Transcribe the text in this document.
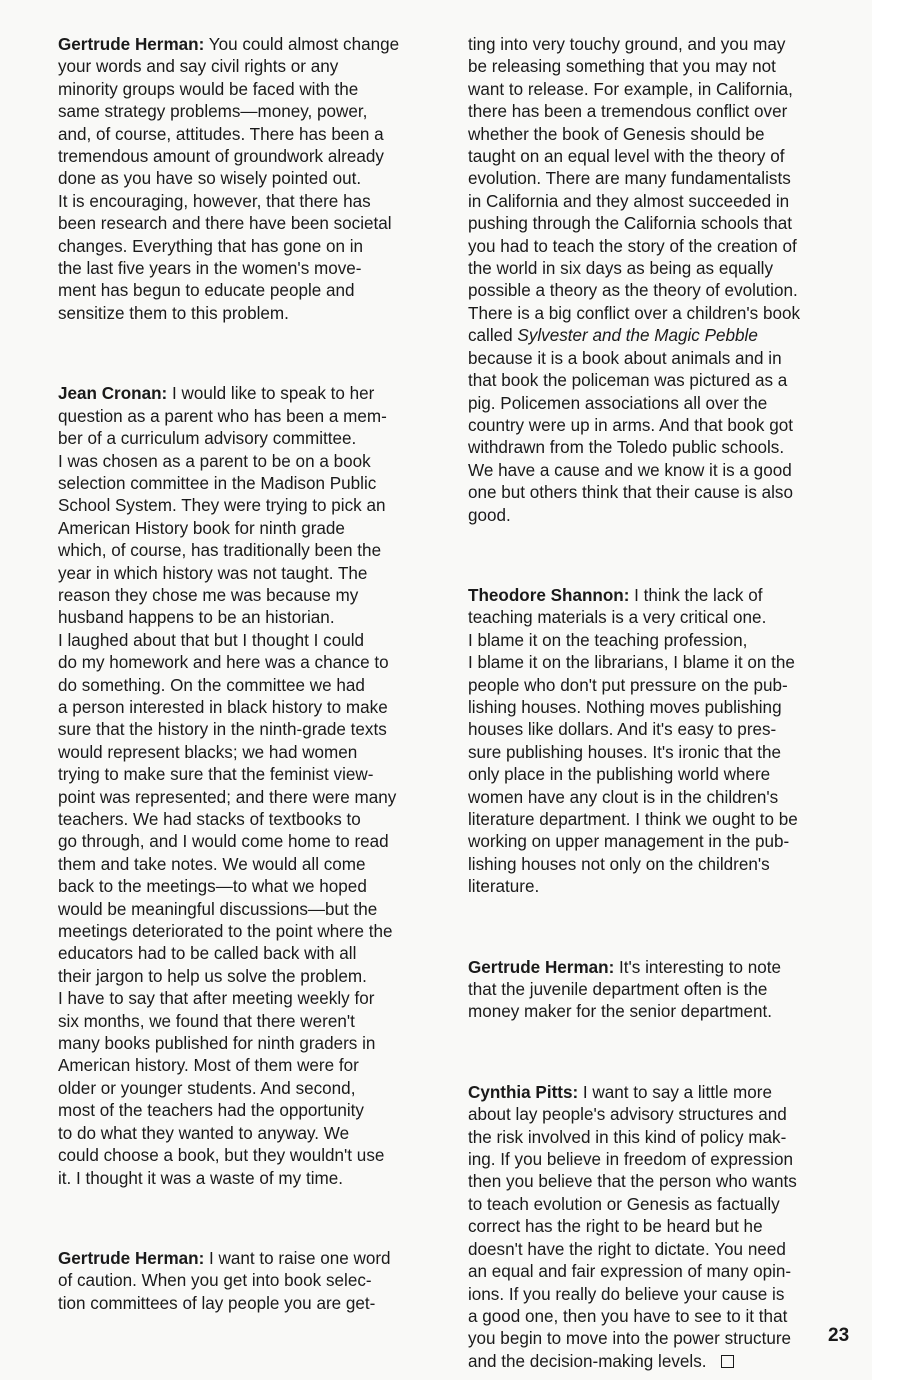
Gertrude Herman: You could almost change
your words and say civil rights or any
minority groups would be faced with the
same strategy problems—money, power,
and, of course, attitudes. There has been a
tremendous amount of groundwork already
done as you have so wisely pointed out.
It is encouraging, however, that there has
been research and there have been societal
changes. Everything that has gone on in
the last five years in the women's move-
ment has begun to educate people and
sensitize them to this problem.
Jean Cronan: I would like to speak to her
question as a parent who has been a mem-
ber of a curriculum advisory committee.
I was chosen as a parent to be on a book
selection committee in the Madison Public
School System. They were trying to pick an
American History book for ninth grade
which, of course, has traditionally been the
year in which history was not taught. The
reason they chose me was because my
husband happens to be an historian.
I laughed about that but I thought I could
do my homework and here was a chance to
do something. On the committee we had
a person interested in black history to make
sure that the history in the ninth-grade texts
would represent blacks; we had women
trying to make sure that the feminist view-
point was represented; and there were many
teachers. We had stacks of textbooks to
go through, and I would come home to read
them and take notes. We would all come
back to the meetings—to what we hoped
would be meaningful discussions—but the
meetings deteriorated to the point where the
educators had to be called back with all
their jargon to help us solve the problem.
I have to say that after meeting weekly for
six months, we found that there weren't
many books published for ninth graders in
American history. Most of them were for
older or younger students. And second,
most of the teachers had the opportunity
to do what they wanted to anyway. We
could choose a book, but they wouldn't use
it. I thought it was a waste of my time.
Gertrude Herman: I want to raise one word
of caution. When you get into book selec-
tion committees of lay people you are get-
ting into very touchy ground, and you may
be releasing something that you may not
want to release. For example, in California,
there has been a tremendous conflict over
whether the book of Genesis should be
taught on an equal level with the theory of
evolution. There are many fundamentalists
in California and they almost succeeded in
pushing through the California schools that
you had to teach the story of the creation of
the world in six days as being as equally
possible a theory as the theory of evolution.
There is a big conflict over a children's book
called Sylvester and the Magic Pebble
because it is a book about animals and in
that book the policeman was pictured as a
pig. Policemen associations all over the
country were up in arms. And that book got
withdrawn from the Toledo public schools.
We have a cause and we know it is a good
one but others think that their cause is also
good.
Theodore Shannon: I think the lack of
teaching materials is a very critical one.
I blame it on the teaching profession,
I blame it on the librarians, I blame it on the
people who don't put pressure on the pub-
lishing houses. Nothing moves publishing
houses like dollars. And it's easy to pres-
sure publishing houses. It's ironic that the
only place in the publishing world where
women have any clout is in the children's
literature department. I think we ought to be
working on upper management in the pub-
lishing houses not only on the children's
literature.
Gertrude Herman: It's interesting to note
that the juvenile department often is the
money maker for the senior department.
Cynthia Pitts: I want to say a little more
about lay people's advisory structures and
the risk involved in this kind of policy mak-
ing. If you believe in freedom of expression
then you believe that the person who wants
to teach evolution or Genesis as factually
correct has the right to be heard but he
doesn't have the right to dictate. You need
an equal and fair expression of many opin-
ions. If you really do believe your cause is
a good one, then you have to see to it that
you begin to move into the power structure
and the decision-making levels.
23
